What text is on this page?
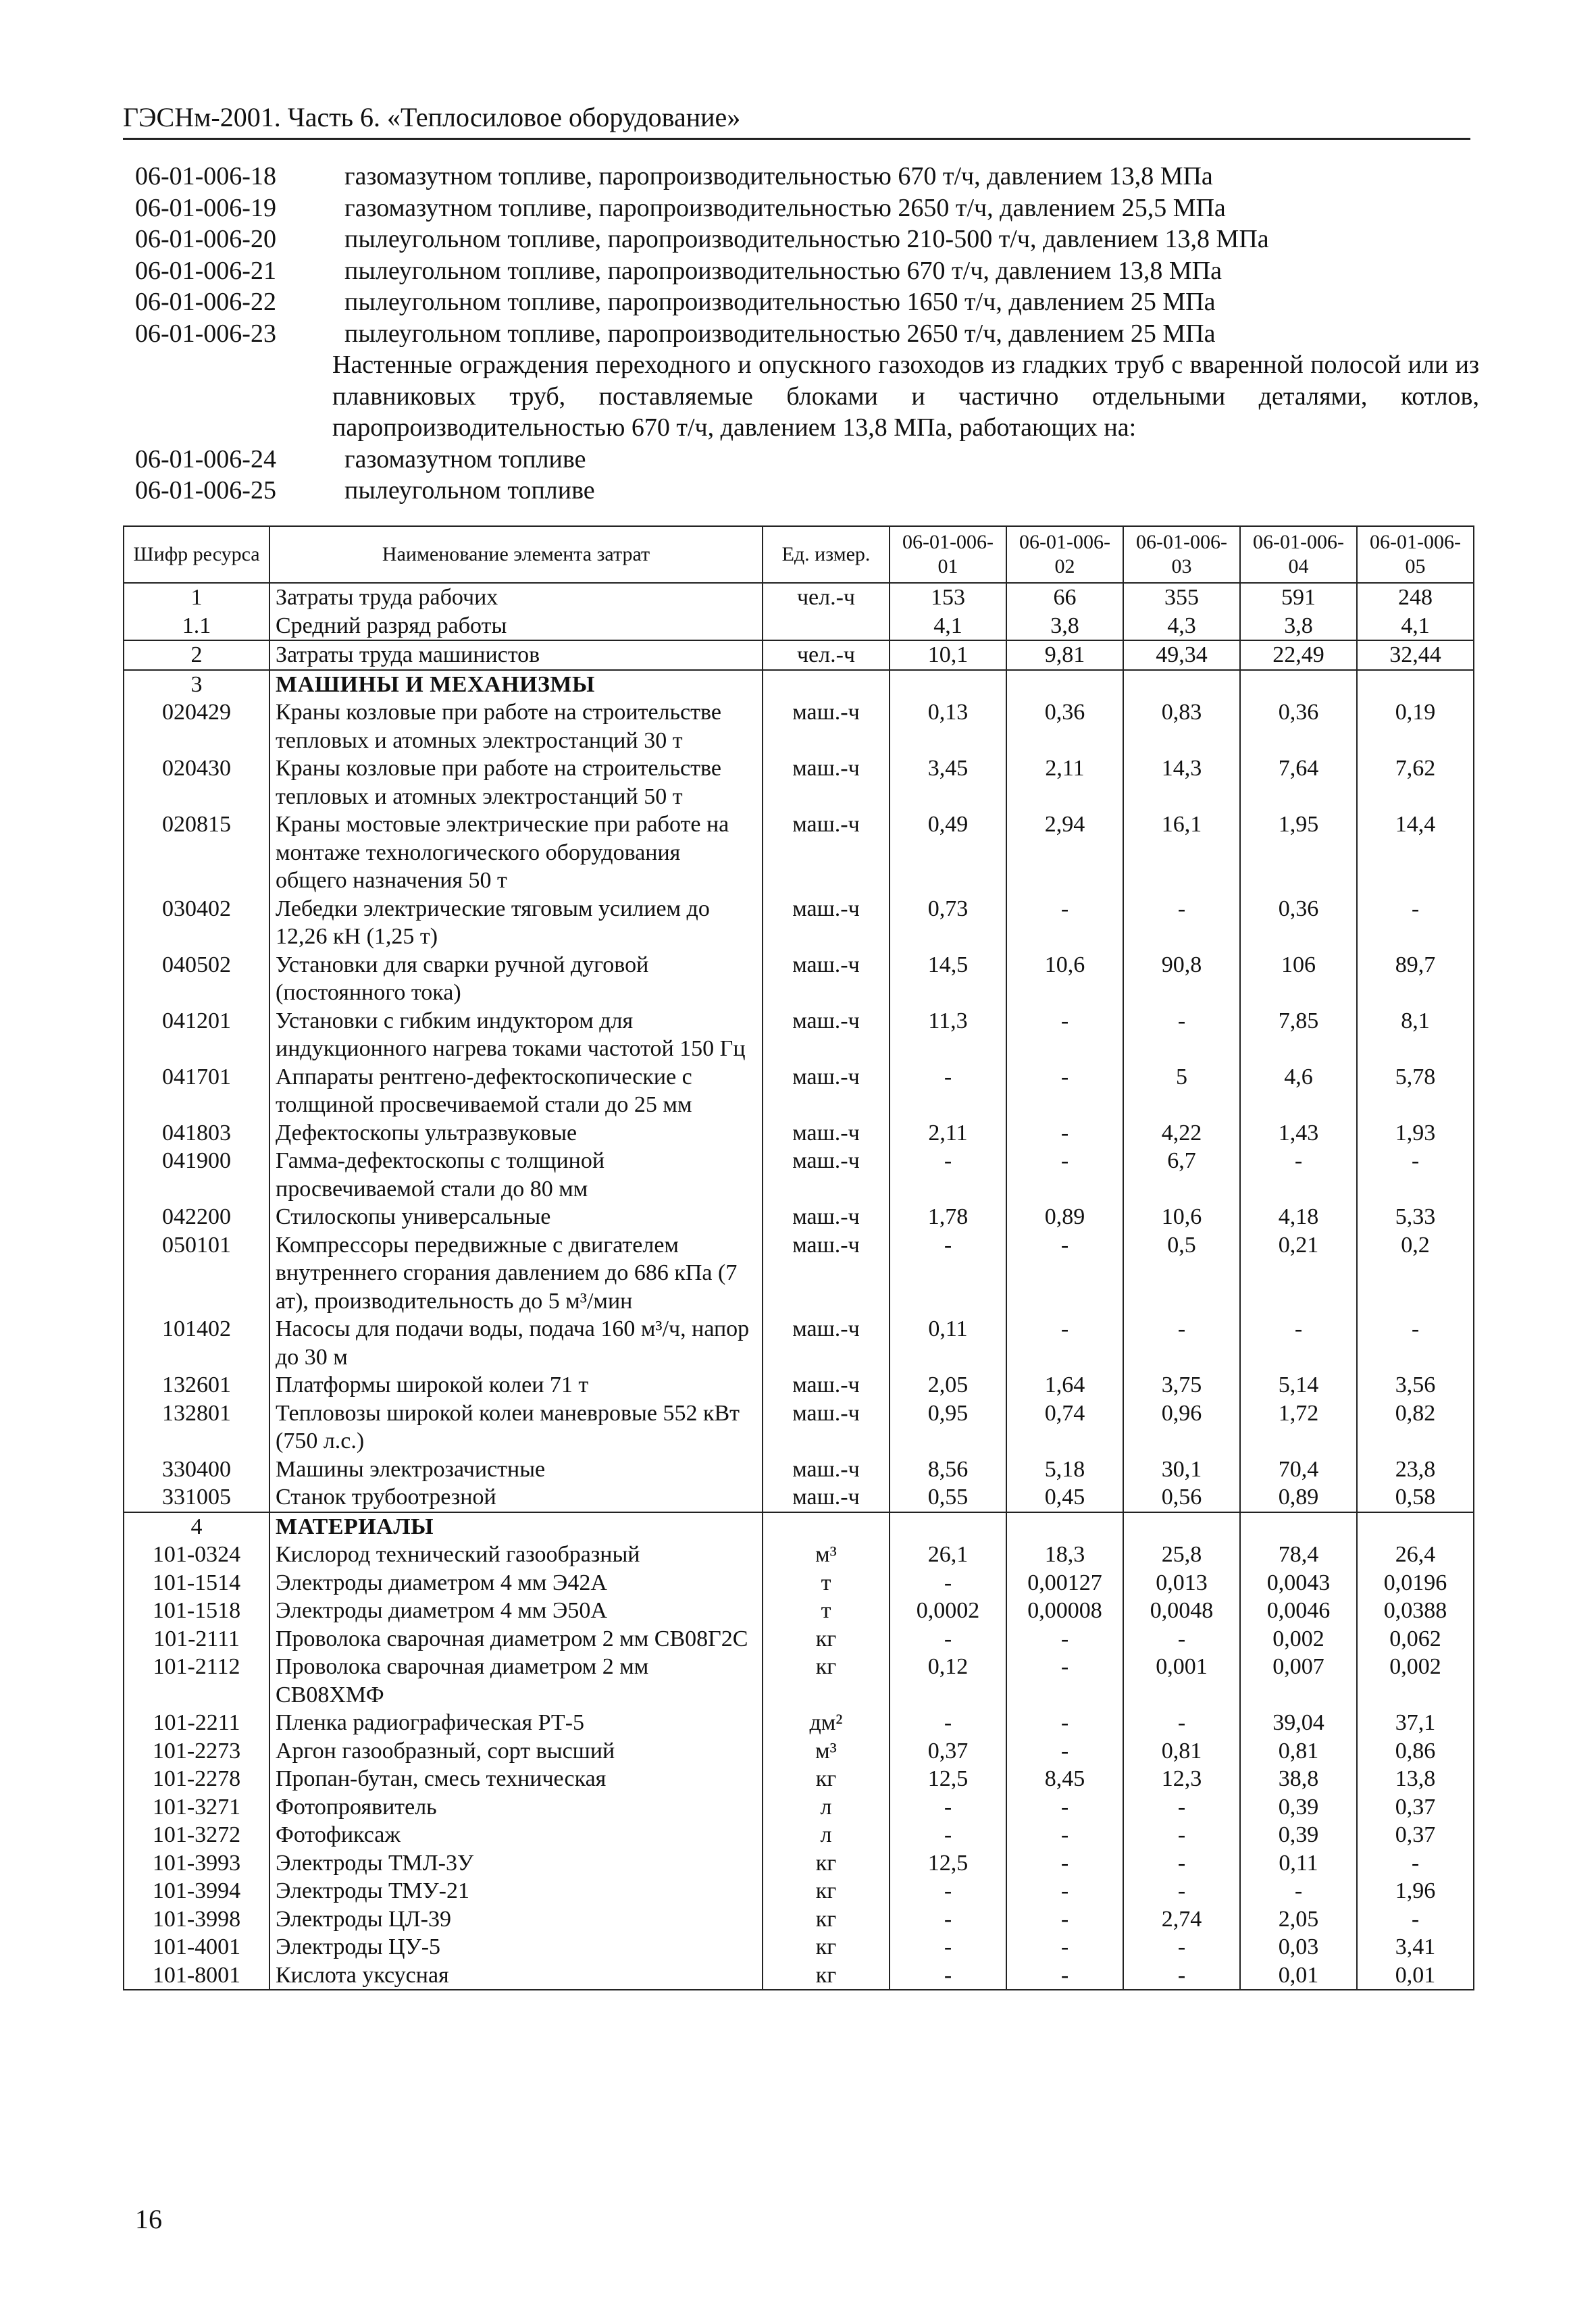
ГЭСНм-2001. Часть 6. «Теплосиловое оборудование»
06-01-006-18	газомазутном топливе, паропроизводительностью 670 т/ч, давлением 13,8 МПа
06-01-006-19	газомазутном топливе, паропроизводительностью 2650 т/ч, давлением 25,5 МПа
06-01-006-20	пылеугольном топливе, паропроизводительностью 210-500 т/ч, давлением 13,8 МПа
06-01-006-21	пылеугольном топливе, паропроизводительностью 670 т/ч, давлением 13,8 МПа
06-01-006-22	пылеугольном топливе, паропроизводительностью 1650 т/ч, давлением 25 МПа
06-01-006-23	пылеугольном топливе, паропроизводительностью 2650 т/ч, давлением 25 МПа
Настенные ограждения переходного и опускного газоходов из гладких труб с вваренной полосой или из плавниковых труб, поставляемые блоками и частично отдельными деталями, котлов, паропроизводительностью 670 т/ч, давлением 13,8 МПа, работающих на:
06-01-006-24	газомазутном топливе
06-01-006-25	пылеугольном топливе
Шифр ресурса	Наименование элемента затрат	Ед. измер.	06-01-006-01	06-01-006-02	06-01-006-03	06-01-006-04	06-01-006-05
1	Затраты труда рабочих	чел.-ч	153	66	355	591	248
1.1	Средний разряд работы		4,1	3,8	4,3	3,8	4,1
2	Затраты труда машинистов	чел.-ч	10,1	9,81	49,34	22,49	32,44
3	МАШИНЫ И МЕХАНИЗМЫ						
020429	Краны козловые при работе на строительстве тепловых и атомных электростанций 30 т	маш.-ч	0,13	0,36	0,83	0,36	0,19
020430	Краны козловые при работе на строительстве тепловых и атомных электростанций 50 т	маш.-ч	3,45	2,11	14,3	7,64	7,62
020815	Краны мостовые электрические при работе на монтаже технологического оборудования общего назначения 50 т	маш.-ч	0,49	2,94	16,1	1,95	14,4
030402	Лебедки электрические тяговым усилием до 12,26 кН (1,25 т)	маш.-ч	0,73	-	-	0,36	-
040502	Установки для сварки ручной дуговой (постоянного тока)	маш.-ч	14,5	10,6	90,8	106	89,7
041201	Установки с гибким индуктором для индукционного нагрева токами частотой 150 Гц	маш.-ч	11,3	-	-	7,85	8,1
041701	Аппараты рентгено-дефектоскопические с толщиной просвечиваемой стали до 25 мм	маш.-ч	-	-	5	4,6	5,78
041803	Дефектоскопы ультразвуковые	маш.-ч	2,11	-	4,22	1,43	1,93
041900	Гамма-дефектоскопы с толщиной просвечиваемой стали до 80 мм	маш.-ч	-	-	6,7	-	-
042200	Стилоскопы универсальные	маш.-ч	1,78	0,89	10,6	4,18	5,33
050101	Компрессоры передвижные с двигателем внутреннего сгорания давлением до 686 кПа (7 ат), производительность до 5 м³/мин	маш.-ч	-	-	0,5	0,21	0,2
101402	Насосы для подачи воды, подача 160 м³/ч, напор до 30 м	маш.-ч	0,11	-	-	-	-
132601	Платформы широкой колеи 71 т	маш.-ч	2,05	1,64	3,75	5,14	3,56
132801	Тепловозы широкой колеи маневровые 552 кВт (750 л.с.)	маш.-ч	0,95	0,74	0,96	1,72	0,82
330400	Машины электрозачистные	маш.-ч	8,56	5,18	30,1	70,4	23,8
331005	Станок трубоотрезной	маш.-ч	0,55	0,45	0,56	0,89	0,58
4	МАТЕРИАЛЫ						
101-0324	Кислород технический газообразный	м³	26,1	18,3	25,8	78,4	26,4
101-1514	Электроды диаметром 4 мм Э42А	т	-	0,00127	0,013	0,0043	0,0196
101-1518	Электроды диаметром 4 мм Э50А	т	0,0002	0,00008	0,0048	0,0046	0,0388
101-2111	Проволока сварочная диаметром 2 мм СВ08Г2С	кг	-	-	-	0,002	0,062
101-2112	Проволока сварочная диаметром 2 мм СВ08ХМФ	кг	0,12	-	0,001	0,007	0,002
101-2211	Пленка радиографическая РТ-5	дм²	-	-	-	39,04	37,1
101-2273	Аргон газообразный, сорт высший	м³	0,37	-	0,81	0,81	0,86
101-2278	Пропан-бутан, смесь техническая	кг	12,5	8,45	12,3	38,8	13,8
101-3271	Фотопроявитель	л	-	-	-	0,39	0,37
101-3272	Фотофиксаж	л	-	-	-	0,39	0,37
101-3993	Электроды ТМЛ-3У	кг	12,5	-	-	0,11	-
101-3994	Электроды ТМУ-21	кг	-	-	-	-	1,96
101-3998	Электроды ЦЛ-39	кг	-	-	2,74	2,05	-
101-4001	Электроды ЦУ-5	кг	-	-	-	0,03	3,41
101-8001	Кислота уксусная	кг	-	-	-	0,01	0,01
16
